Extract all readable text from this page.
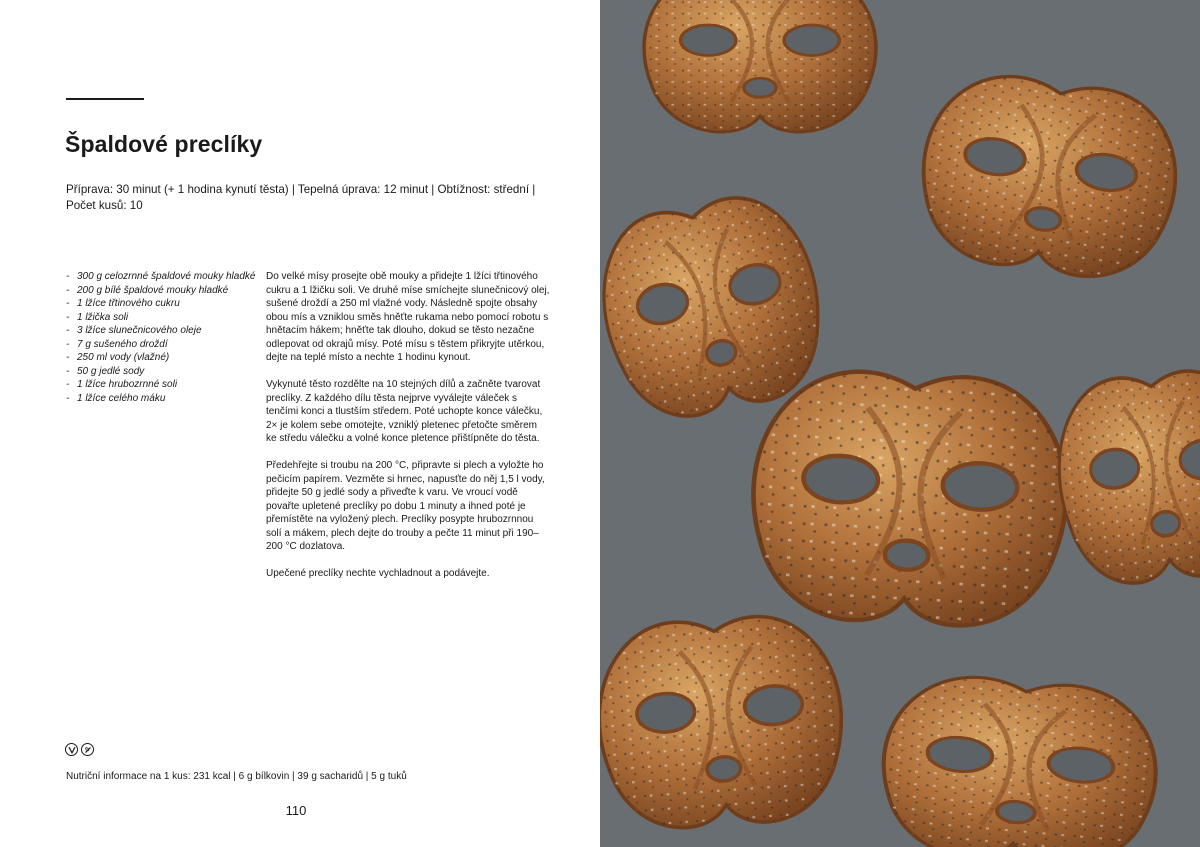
Špaldové preclíky
Příprava: 30 minut (+ 1 hodina kynutí těsta) | Tepelná úprava: 12 minut | Obtížnost: střední | Počet kusů: 10
- 300 g celozrnné špaldové mouky hladké
- 200 g bílé špaldové mouky hladké
- 1 lžíce třtinového cukru
- 1 lžička soli
- 3 lžíce slunečnicového oleje
- 7 g sušeného droždí
- 250 ml vody (vlažné)
- 50 g jedlé sody
- 1 lžíce hrubozrnné soli
- 1 lžíce celého máku

Do velké mísy prosejte obě mouky a přidejte 1 lžíci třtinového cukru a 1 lžičku soli. Ve druhé míse smíchejte slunečnicový olej, sušené droždí a 250 ml vlažné vody. Následně spojte obsahy obou mís a vzniklou směs hněťte rukama nebo pomocí robotu s hnětacím hákem; hněťte tak dlouho, dokud se těsto nezačne odlepovat od okrajů mísy. Poté mísu s těstem přikryjte utěrkou, dejte na teplé místo a nechte 1 hodinu kynout.

Vykynuté těsto rozdělte na 10 stejných dílů a začněte tvarovat preclíky. Z každého dílu těsta nejprve vyválejte váleček s tenčími konci a tlustším středem. Poté uchopte konce válečku, 2× je kolem sebe omotejte, vzniklý pletenec přetočte směrem ke středu válečku a volné konce pletence přištípněte do těsta.

Předehřejte si troubu na 200 °C, připravte si plech a vyložte ho pečicím papírem. Vezměte si hrnec, napusťte do něj 1,5 l vody, přidejte 50 g jedlé sody a přiveďte k varu. Ve vroucí vodě povařte upletené preclíky po dobu 1 minuty a ihned poté je přemístěte na vyložený plech. Preclíky posypte hrubozrnnou solí a mákem, plech dejte do trouby a pečte 11 minut při 190–200 °C dozlatova.

Upečené preclíky nechte vychladnout a podávejte.

Nutriční informace na 1 kus: 231 kcal | 6 g bílkovin | 39 g sacharidů | 5 g tuků
110
